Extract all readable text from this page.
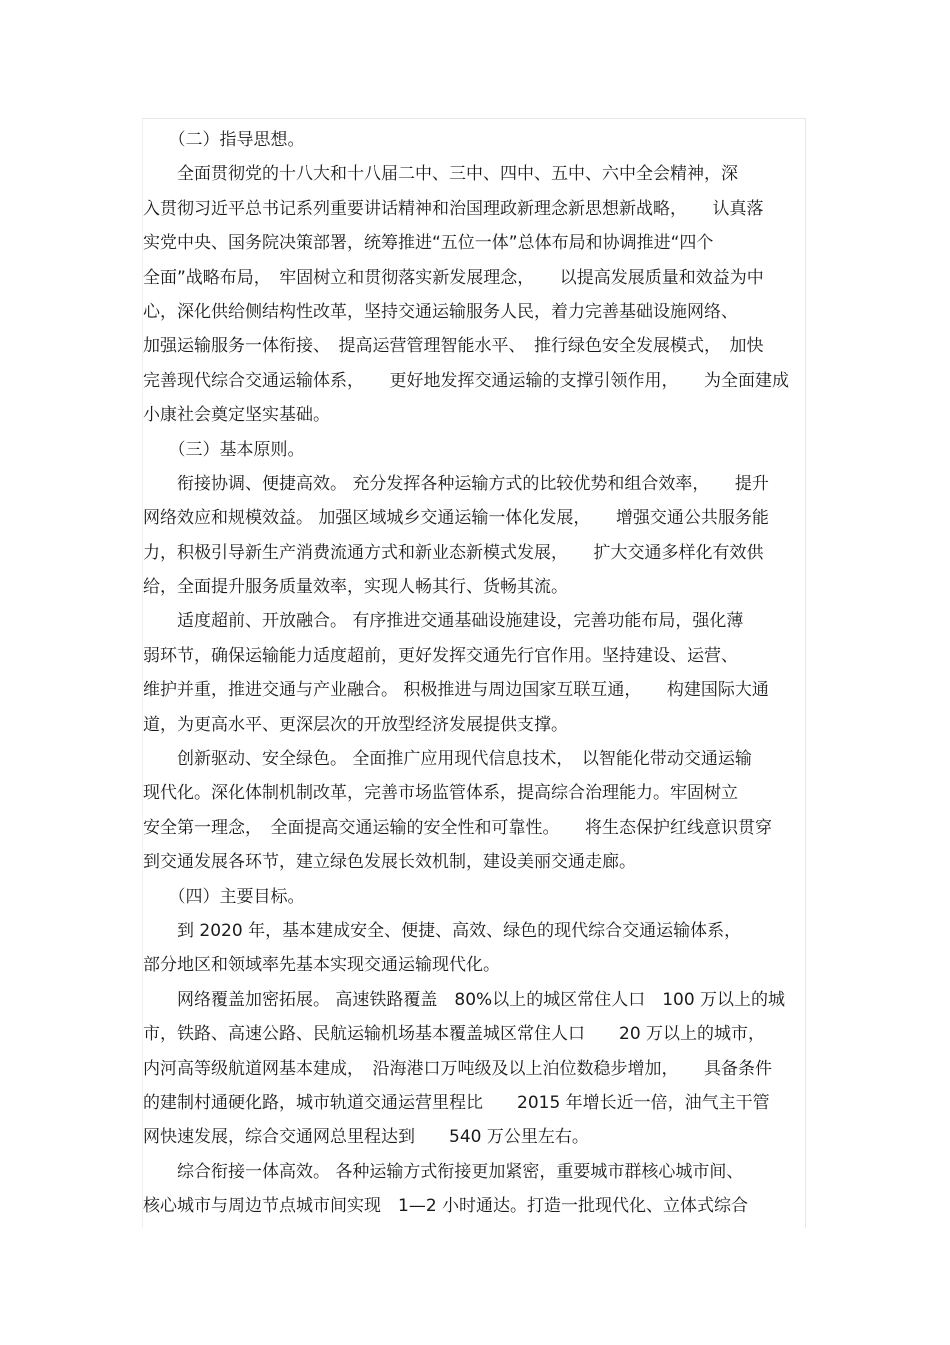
　　（二）指导思想。
　　全面贯彻党的十八大和十八届二中、三中、四中、五中、六中全会精神，深
入贯彻习近平总书记系列重要讲话精神和治国理政新理念新思想新战略，　　认真落
实党中央、国务院决策部署，统筹推进“五位一体”总体布局和协调推进“四个
全面”战略布局，　牢固树立和贯彻落实新发展理念，　　以提高发展质量和效益为中
心，深化供给侧结构性改革，坚持交通运输服务人民，着力完善基础设施网络、
加强运输服务一体衔接、　提高运营管理智能水平、　推行绿色安全发展模式，　加快
完善现代综合交通运输体系，　　更好地发挥交通运输的支撑引领作用，　　为全面建成
小康社会奠定坚实基础。
　　（三）基本原则。
　　衔接协调、便捷高效。 充分发挥各种运输方式的比较优势和组合效率，　　提升
网络效应和规模效益。 加强区域城乡交通运输一体化发展，　　增强交通公共服务能
力，积极引导新生产消费流通方式和新业态新模式发展，　　扩大交通多样化有效供
给，全面提升服务质量效率，实现人畅其行、货畅其流。
　　适度超前、开放融合。 有序推进交通基础设施建设，完善功能布局，强化薄
弱环节，确保运输能力适度超前，更好发挥交通先行官作用。坚持建设、运营、
维护并重，推进交通与产业融合。 积极推进与周边国家互联互通，　　构建国际大通
道，为更高水平、更深层次的开放型经济发展提供支撑。
　　创新驱动、安全绿色。 全面推广应用现代信息技术，　以智能化带动交通运输
现代化。深化体制机制改革，完善市场监管体系，提高综合治理能力。牢固树立
安全第一理念，　全面提高交通运输的安全性和可靠性。　　将生态保护红线意识贯穿
到交通发展各环节，建立绿色发展长效机制，建设美丽交通走廊。
　　（四）主要目标。
　　到 2020 年，基本建成安全、便捷、高效、绿色的现代综合交通运输体系，
部分地区和领域率先基本实现交通运输现代化。
　　网络覆盖加密拓展。 高速铁路覆盖　80%以上的城区常住人口　100 万以上的城
市，铁路、高速公路、民航运输机场基本覆盖城区常住人口　　20 万以上的城市，
内河高等级航道网基本建成，　沿海港口万吨级及以上泊位数稳步增加，　　具备条件
的建制村通硬化路，城市轨道交通运营里程比　　2015 年增长近一倍，油气主干管
网快速发展，综合交通网总里程达到　　540 万公里左右。
　　综合衔接一体高效。 各种运输方式衔接更加紧密，重要城市群核心城市间、
核心城市与周边节点城市间实现　1—2 小时通达。打造一批现代化、立体式综合
